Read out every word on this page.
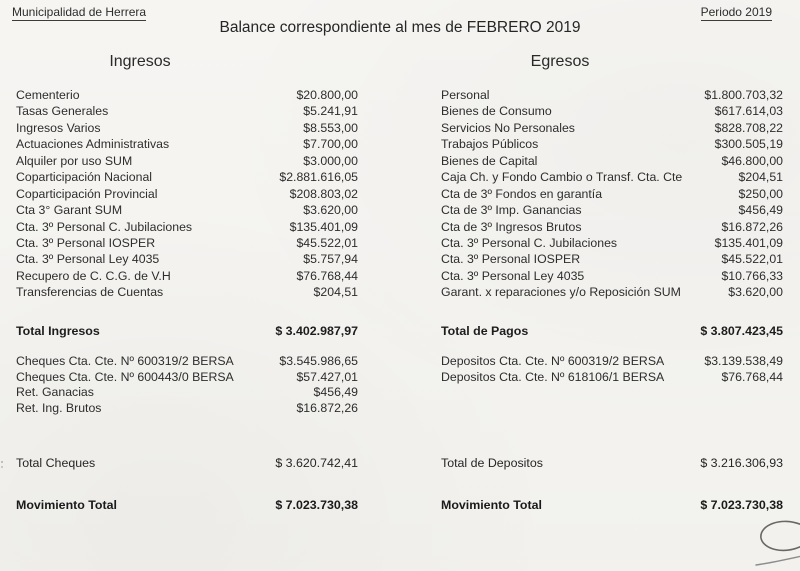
Municipalidad de Herrera	Periodo 2019
Balance correspondiente al mes de FEBRERO 2019
Ingresos	Egresos
Cementerio	$20.800,00
Tasas Generales	$5.241,91
Ingresos Varios	$8.553,00
Actuaciones Administrativas	$7.700,00
Alquiler por uso SUM	$3.000,00
Coparticipación Nacional	$2.881.616,05
Coparticipación Provincial	$208.803,02
Cta 3° Garant SUM	$3.620,00
Cta. 3º Personal C. Jubilaciones	$135.401,09
Cta. 3º Personal IOSPER	$45.522,01
Cta. 3º Personal Ley 4035	$5.757,94
Recupero de C. C.G. de V.H	$76.768,44
Transferencias de Cuentas	$204,51
Total Ingresos	$ 3.402.987,97
Cheques Cta. Cte. Nº 600319/2 BERSA	$3.545.986,65
Cheques Cta. Cte. Nº 600443/0 BERSA	$57.427,01
Ret. Ganacias	$456,49
Ret. Ing. Brutos	$16.872,26
Total Cheques	$ 3.620.742,41
Movimiento Total	$ 7.023.730,38
Personal	$1.800.703,32
Bienes de Consumo	$617.614,03
Servicios No Personales	$828.708,22
Trabajos Públicos	$300.505,19
Bienes de Capital	$46.800,00
Caja Ch. y Fondo Cambio o Transf. Cta. Cte	$204,51
Cta de 3º Fondos en garantía	$250,00
Cta de 3º Imp. Ganancias	$456,49
Cta de 3º Ingresos Brutos	$16.872,26
Cta. 3º Personal C. Jubilaciones	$135.401,09
Cta. 3º Personal IOSPER	$45.522,01
Cta. 3º Personal Ley 4035	$10.766,33
Garant. x reparaciones y/o Reposición SUM	$3.620,00
Total de Pagos	$ 3.807.423,45
Depositos Cta. Cte. Nº 600319/2 BERSA	$3.139.538,49
Depositos Cta. Cte. Nº 618106/1 BERSA	$76.768,44
Total de Depositos	$ 3.216.306,93
Movimiento Total	$ 7.023.730,38
